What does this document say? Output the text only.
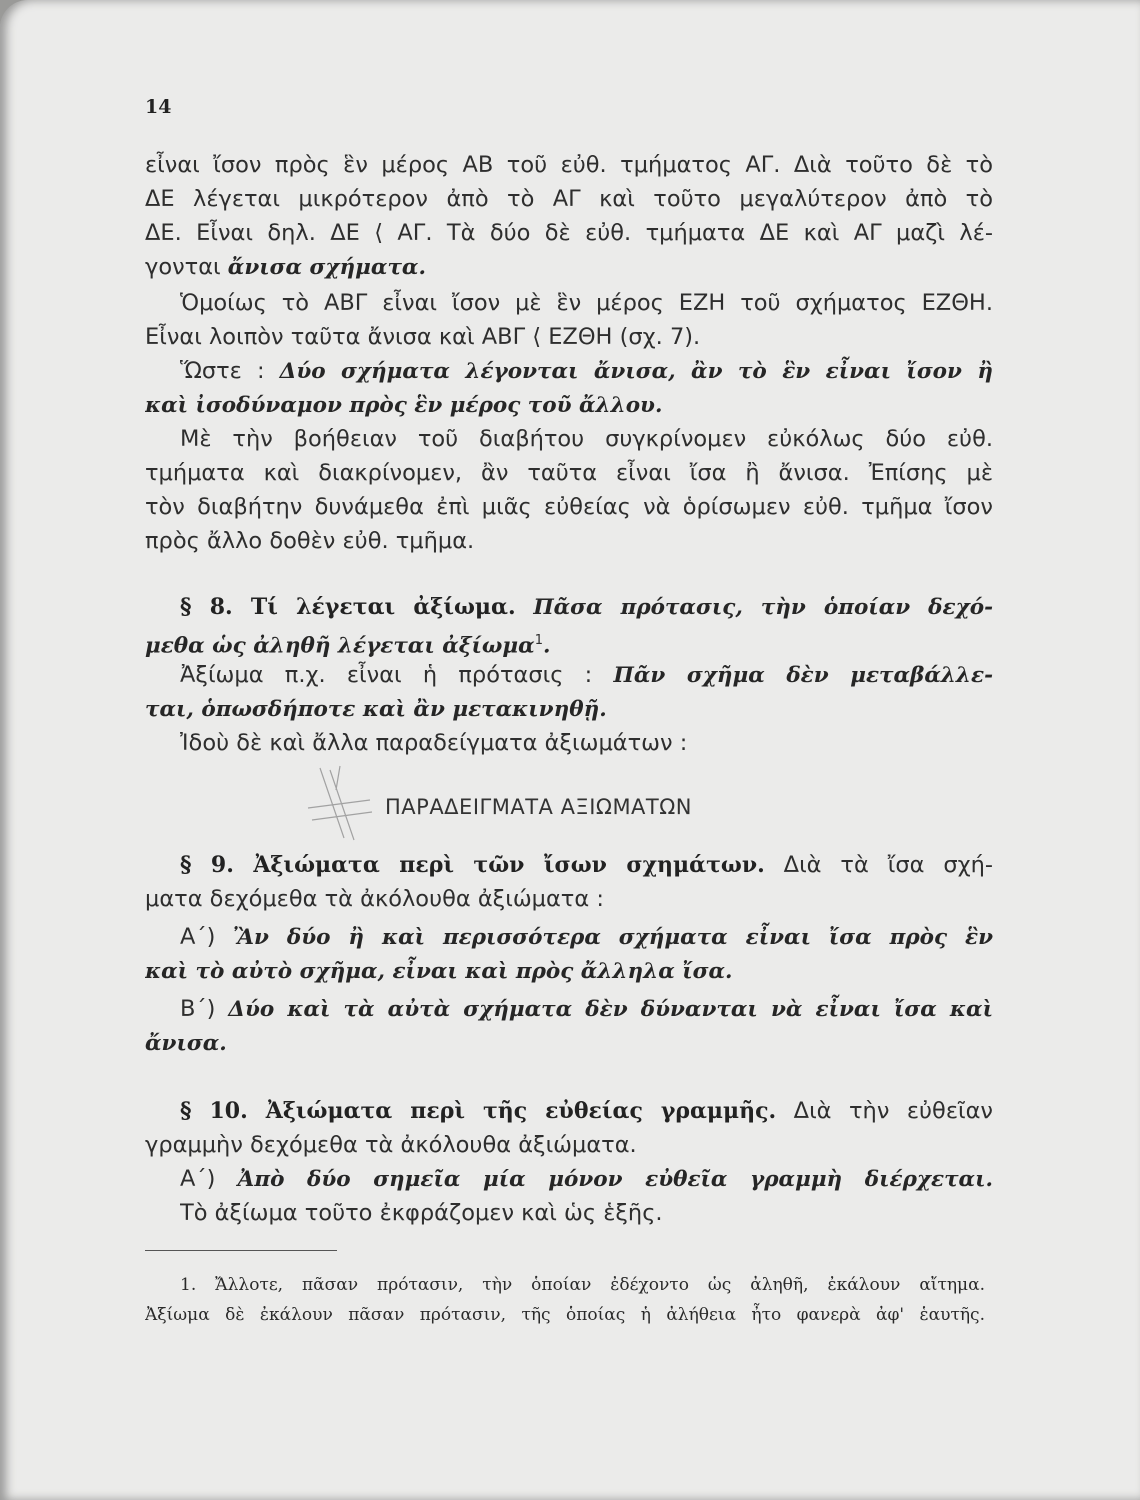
14
εἶναι ἴσον πρὸς ἓν μέρος ΑΒ τοῦ εὐθ. τμήματος ΑΓ. Διὰ τοῦτο δὲ τὸ
ΔΕ λέγεται μικρότερον ἀπὸ τὸ ΑΓ καὶ τοῦτο μεγαλύτερον ἀπὸ τὸ
ΔΕ. Εἶναι δηλ. ΔΕ ⟨ ΑΓ. Τὰ δύο δὲ εὐθ. τμήματα ΔΕ καὶ ΑΓ μαζὶ λέ-
γονται ἄνισα σχήματα.
Ὁμοίως τὸ ΑΒΓ εἶναι ἴσον μὲ ἓν μέρος ΕΖΗ τοῦ σχήματος ΕΖΘΗ.
Εἶναι λοιπὸν ταῦτα ἄνισα καὶ ΑΒΓ ⟨ ΕΖΘΗ (σχ. 7).
Ὥστε : Δύο σχήματα λέγονται ἄνισα, ἂν τὸ ἓν εἶναι ἴσον ἢ
καὶ ἰσοδύναμον πρὸς ἓν μέρος τοῦ ἄλλου.
Μὲ τὴν βοήθειαν τοῦ διαβήτου συγκρίνομεν εὐκόλως δύο εὐθ.
τμήματα καὶ διακρίνομεν, ἂν ταῦτα εἶναι ἴσα ἢ ἄνισα. Ἐπίσης μὲ
τὸν διαβήτην δυνάμεθα ἐπὶ μιᾶς εὐθείας νὰ ὁρίσωμεν εὐθ. τμῆμα ἴσον
πρὸς ἄλλο δοθὲν εὐθ. τμῆμα.
§ 8. Τί λέγεται ἀξίωμα. Πᾶσα πρότασις, τὴν ὁποίαν δεχό-
μεθα ὡς ἀληθῆ λέγεται ἀξίωμα$^1$.
Ἀξίωμα π.χ. εἶναι ἡ πρότασις : Πᾶν σχῆμα δὲν μεταβάλλε-
ται, ὁπωσδήποτε καὶ ἂν μετακινηθῇ.
Ἰδοὺ δὲ καὶ ἄλλα παραδείγματα ἀξιωμάτων :
ΠΑΡΑΔΕΙΓΜΑΤΑ ΑΞΙΩΜΑΤΩΝ
§ 9. Ἀξιώματα περὶ τῶν ἴσων σχημάτων. Διὰ τὰ ἴσα σχή-
ματα δεχόμεθα τὰ ἀκόλουθα ἀξιώματα :
Α΄) Ἂν δύο ἢ καὶ περισσότερα σχήματα εἶναι ἴσα πρὸς ἓν
καὶ τὸ αὐτὸ σχῆμα, εἶναι καὶ πρὸς ἄλληλα ἴσα.
Β΄) Δύο καὶ τὰ αὐτὰ σχήματα δὲν δύνανται νὰ εἶναι ἴσα καὶ
ἄνισα.
§ 10. Ἀξιώματα περὶ τῆς εὐθείας γραμμῆς. Διὰ τὴν εὐθεῖαν
γραμμὴν δεχόμεθα τὰ ἀκόλουθα ἀξιώματα.
Α΄) Ἀπὸ δύο σημεῖα μία μόνον εὐθεῖα γραμμὴ διέρχεται.
Τὸ ἀξίωμα τοῦτο ἐκφράζομεν καὶ ὡς ἑξῆς.
1. Ἄλλοτε, πᾶσαν πρότασιν, τὴν ὁποίαν ἐδέχοντο ὡς ἀληθῆ, ἐκάλουν αἴτημα.
Ἀξίωμα δὲ ἐκάλουν πᾶσαν πρότασιν, τῆς ὁποίας ἡ ἀλήθεια ἦτο φανερὰ ἀφ' ἑαυτῆς.
